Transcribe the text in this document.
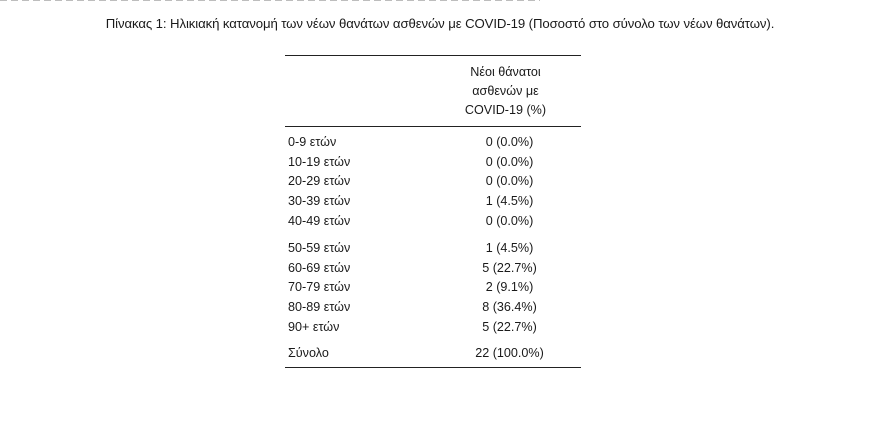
Πίνακας 1: Ηλικιακή κατανομή των νέων θανάτων ασθενών με COVID-19 (Ποσοστό στο σύνολο των νέων θανάτων).

	Νέοι θάνατοι
ασθενών με
COVID-19 (%)

0-9 ετών	0 (0.0%)
10-19 ετών	0 (0.0%)
20-29 ετών	0 (0.0%)
30-39 ετών	1 (4.5%)
40-49 ετών	0 (0.0%)
50-59 ετών	1 (4.5%)
60-69 ετών	5 (22.7%)
70-79 ετών	2 (9.1%)
80-89 ετών	8 (36.4%)
90+ ετών	5 (22.7%)
Σύνολο	22 (100.0%)
